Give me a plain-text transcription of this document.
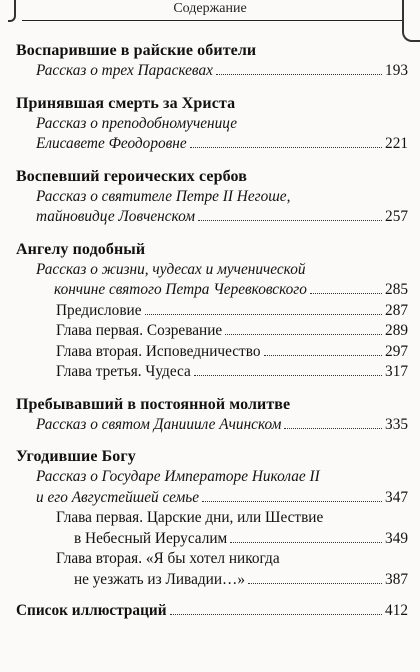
Содержание
Воспарившие в райские обители
Рассказ о трех Параскевах	193
Принявшая смерть за Христа
Рассказ о преподобномученице
Елисавете Феодоровне	221
Воспевший героических сербов
Рассказ о святителе Петре II Негоше,
тайновидце Ловченском	257
Ангелу подобный
Рассказ о жизни, чудесах и мученической
кончине святого Петра Черевковского	285
Предисловие	287
Глава первая. Созревание	289
Глава вторая. Исповедничество	297
Глава третья. Чудеса	317
Пребывавший в постоянной молитве
Рассказ о святом Даниииле Ачинском	335
Угодившие Богу
Рассказ о Государе Императоре Николае II
и его Августейшей семье	347
Глава первая. Царские дни, или Шествие
в Небесный Иерусалим	349
Глава вторая. «Я бы хотел никогда
не уезжать из Ливадии…»	387
Список иллюстраций	412
